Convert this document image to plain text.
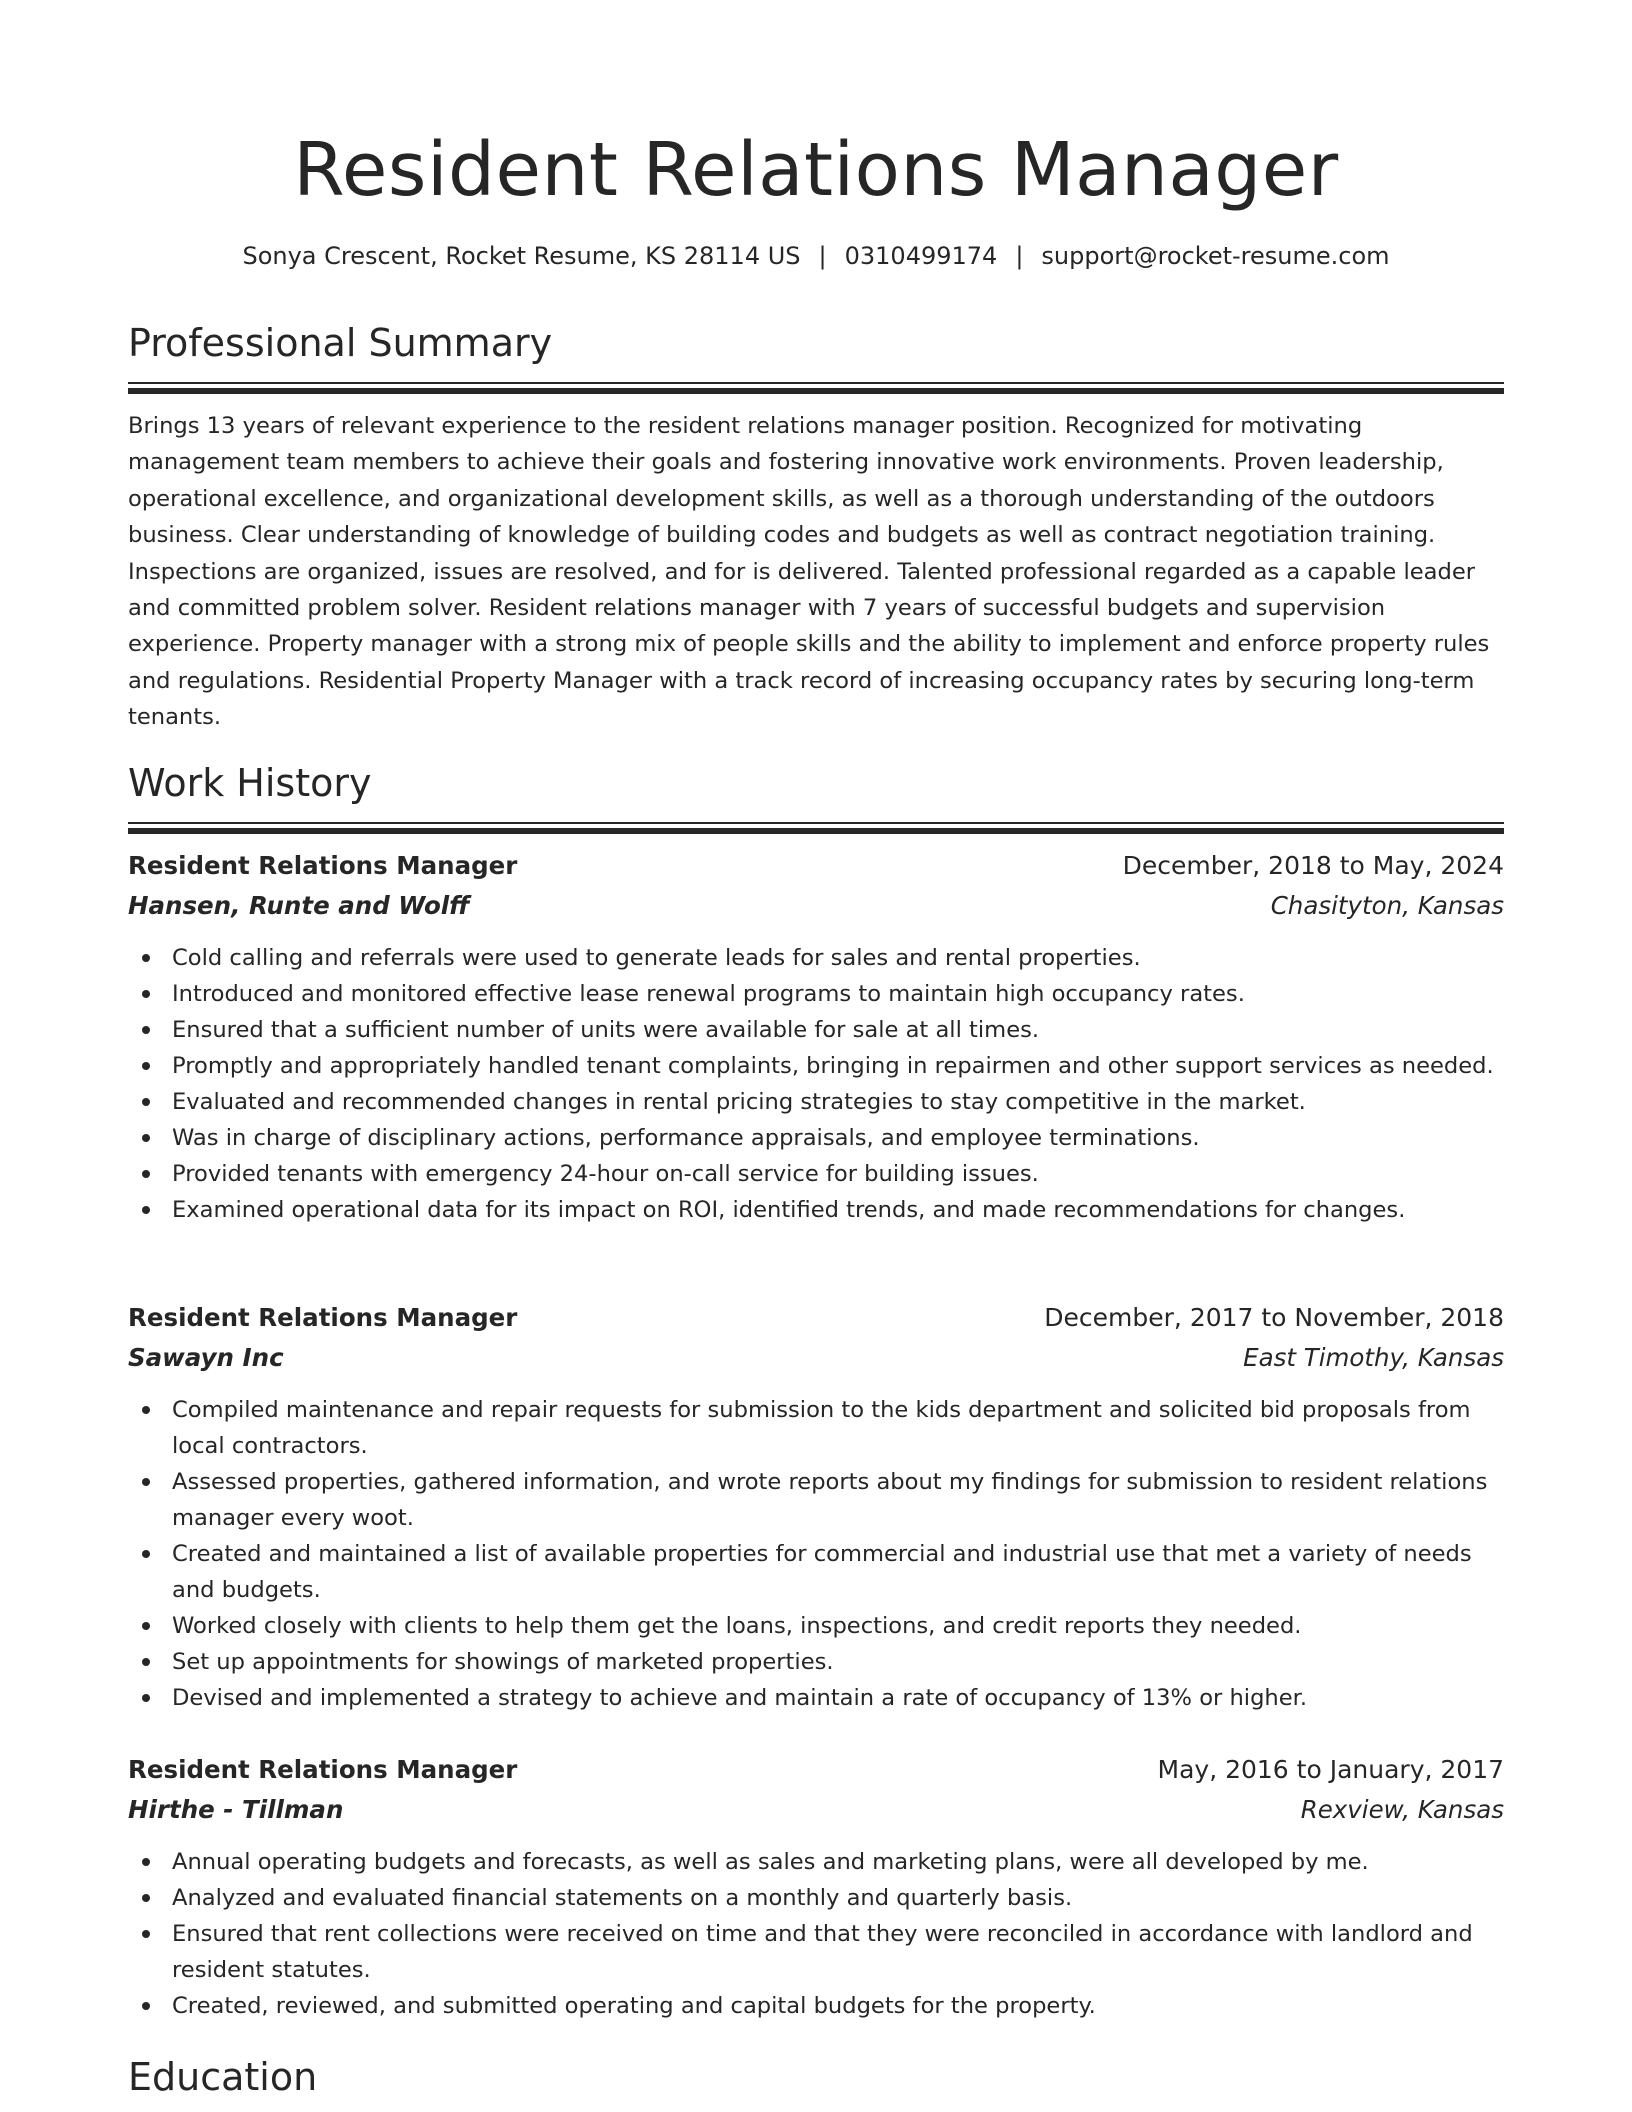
Resident Relations Manager
Sonya Crescent, Rocket Resume, KS 28114 US | 0310499174 | support@rocket-resume.com
Professional Summary
Brings 13 years of relevant experience to the resident relations manager position. Recognized for motivating management team members to achieve their goals and fostering innovative work environments. Proven leadership, operational excellence, and organizational development skills, as well as a thorough understanding of the outdoors business. Clear understanding of knowledge of building codes and budgets as well as contract negotiation training. Inspections are organized, issues are resolved, and for is delivered. Talented professional regarded as a capable leader and committed problem solver. Resident relations manager with 7 years of successful budgets and supervision experience. Property manager with a strong mix of people skills and the ability to implement and enforce property rules and regulations. Residential Property Manager with a track record of increasing occupancy rates by securing long-term tenants.
Work History
Resident Relations Manager	December, 2018 to May, 2024
Hansen, Runte and Wolff	Chasityton, Kansas
Cold calling and referrals were used to generate leads for sales and rental properties.
Introduced and monitored effective lease renewal programs to maintain high occupancy rates.
Ensured that a sufficient number of units were available for sale at all times.
Promptly and appropriately handled tenant complaints, bringing in repairmen and other support services as needed.
Evaluated and recommended changes in rental pricing strategies to stay competitive in the market.
Was in charge of disciplinary actions, performance appraisals, and employee terminations.
Provided tenants with emergency 24-hour on-call service for building issues.
Examined operational data for its impact on ROI, identified trends, and made recommendations for changes.
Resident Relations Manager	December, 2017 to November, 2018
Sawayn Inc	East Timothy, Kansas
Compiled maintenance and repair requests for submission to the kids department and solicited bid proposals from local contractors.
Assessed properties, gathered information, and wrote reports about my findings for submission to resident relations manager every woot.
Created and maintained a list of available properties for commercial and industrial use that met a variety of needs and budgets.
Worked closely with clients to help them get the loans, inspections, and credit reports they needed.
Set up appointments for showings of marketed properties.
Devised and implemented a strategy to achieve and maintain a rate of occupancy of 13% or higher.
Resident Relations Manager	May, 2016 to January, 2017
Hirthe - Tillman	Rexview, Kansas
Annual operating budgets and forecasts, as well as sales and marketing plans, were all developed by me.
Analyzed and evaluated financial statements on a monthly and quarterly basis.
Ensured that rent collections were received on time and that they were reconciled in accordance with landlord and resident statutes.
Created, reviewed, and submitted operating and capital budgets for the property.
Education
